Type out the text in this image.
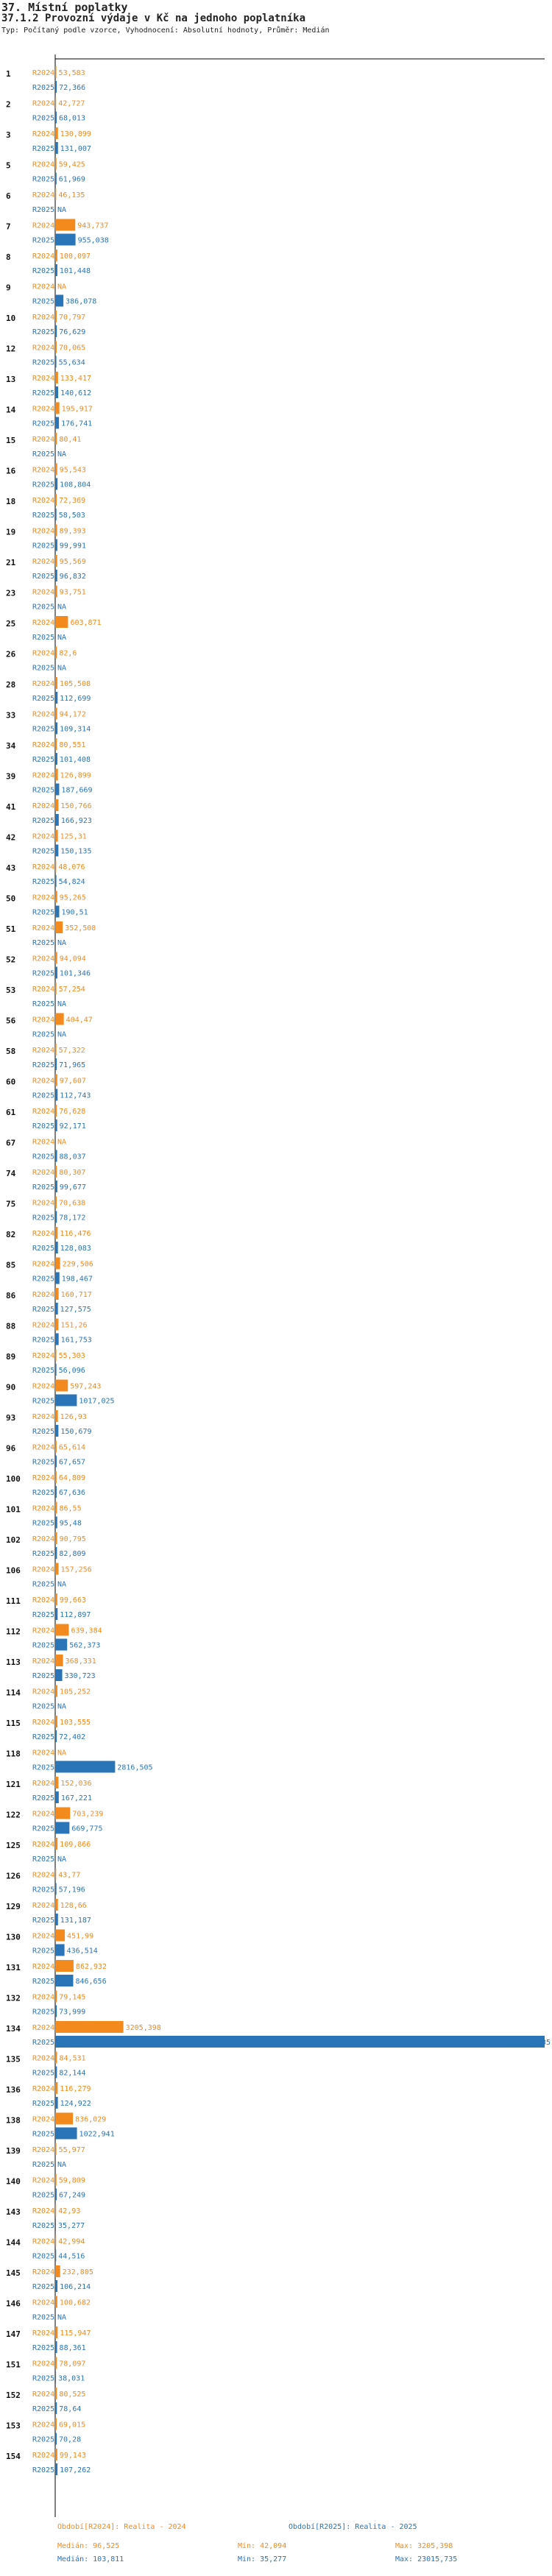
37. Místní poplatky
37.1.2 Provozní výdaje v Kč na jednoho poplatníka
Typ: Počítaný podle vzorce, Vyhodnocení: Absolutní hodnoty, Průměr: Medián
1	R2024 53,583
R2025 72,366
2	R2024 42,727
R2025 68,013
3	R2024 130,899
R2025 131,007
5	R2024 59,425
R2025 61,969
6	R2024 46,135
R2025 NA
7	R2024	943,737
R2025	955,038
8	R2024 100,097
R2025 101,448
9	R2024 NA
R2025 386,078
10 R2024 70,797
R2025 76,629
12 R2024 70,065
R2025 55,634
13 R2024 133,417
R2025 140,612
14 R2024 195,917
R2025 176,741
15 R2024 80,41
R2025 NA
16 R2024 95,543
R2025 108,804
18 R2024 72,369
R2025 58,503
19 R2024 89,393
R2025 99,991
21 R2024 95,569
R2025 96,832
23 R2024 93,751
R2025 NA
25 R2024 603,871
R2025 NA
26 R2024 82,6
R2025 NA
28 R2024 105,508
R2025 112,699
33 R2024 94,172
R2025 109,314
34 R2024 80,551
R2025 101,408
39 R2024 126,899
R2025 187,669
41 R2024 150,766
R2025 166,923
42 R2024 125,31
R2025 150,135
43 R2024 48,076
R2025 54,824
50 R2024 95,265
R2025 190,51
51 R2024 352,508
R2025 NA
52 R2024 94,094
R2025 101,346
53 R2024 57,254
R2025 NA
56 R2024 404,47
R2025 NA
58 R2024 57,322
R2025 71,965
60 R2024 97,607
R2025 112,743
61 R2024 76,628
R2025 92,171
67 R2024 NA
R2025 88,037
74 R2024 80,307
R2025 99,677
75 R2024 70,638
R2025 78,172
82 R2024 116,476
R2025 128,083
85 R2024 229,506
R2025 198,467
86 R2024 160,717
R2025 127,575
88 R2024 151,26
R2025 161,753
89 R2024 55,303
R2025 56,096
90 R2024 597,243
R2025	1017,025
93 R2024 126,93
R2025 150,679
96 R2024 65,614
R2025 67,657
100 R2024 64,809
R2025 67,636
101 R2024 86,55
R2025 95,48
102 R2024 90,795
R2025 82,809
106 R2024 157,256
R2025 NA
111 R2024 99,663
R2025 112,897
112 R2024 639,384
R2025 562,373
113 R2024 368,331
R2025 330,723
114 R2024 105,252
R2025 NA
115 R2024 103,555
R2025 72,402
118 R2024 NA
R2025	2816,505
121 R2024 152,036
R2025 167,221
122 R2024 703,239
R2025 669,775
125 R2024 109,866
R2025 NA
126 R2024 43,77
R2025 57,196
129 R2024 128,66
R2025 131,187
130 R2024 451,99
R2025 436,514
131 R2024	862,932
R2025	846,656
132 R2024 79,145
R2025 73,999
134 R2024	3205,398
R2025	23015,735
135 R2024 84,531
R2025 82,144
136 R2024 116,279
R2025 124,922
138 R2024	836,029
R2025	1022,941
139 R2024 55,977
R2025 NA
140 R2024 59,809
R2025 67,249
143 R2024 42,93
R2025 35,277
144 R2024 42,994
R2025 44,516
145 R2024 232,805
R2025 106,214
146 R2024 100,682
R2025 NA
147 R2024 115,947
R2025 88,361
151 R2024 78,097
R2025 38,031
152 R2024 80,525
R2025 78,64
153 R2024 69,015
R2025 70,28
154 R2024 99,143
R2025 107,262
Období[R2024]: Realita - 2024	Období[R2025]: Realita - 2025
Medián: 96,525	Min: 42,094	Max: 3205,398
Medián: 103,811	Min: 35,277	Max: 23015,735
